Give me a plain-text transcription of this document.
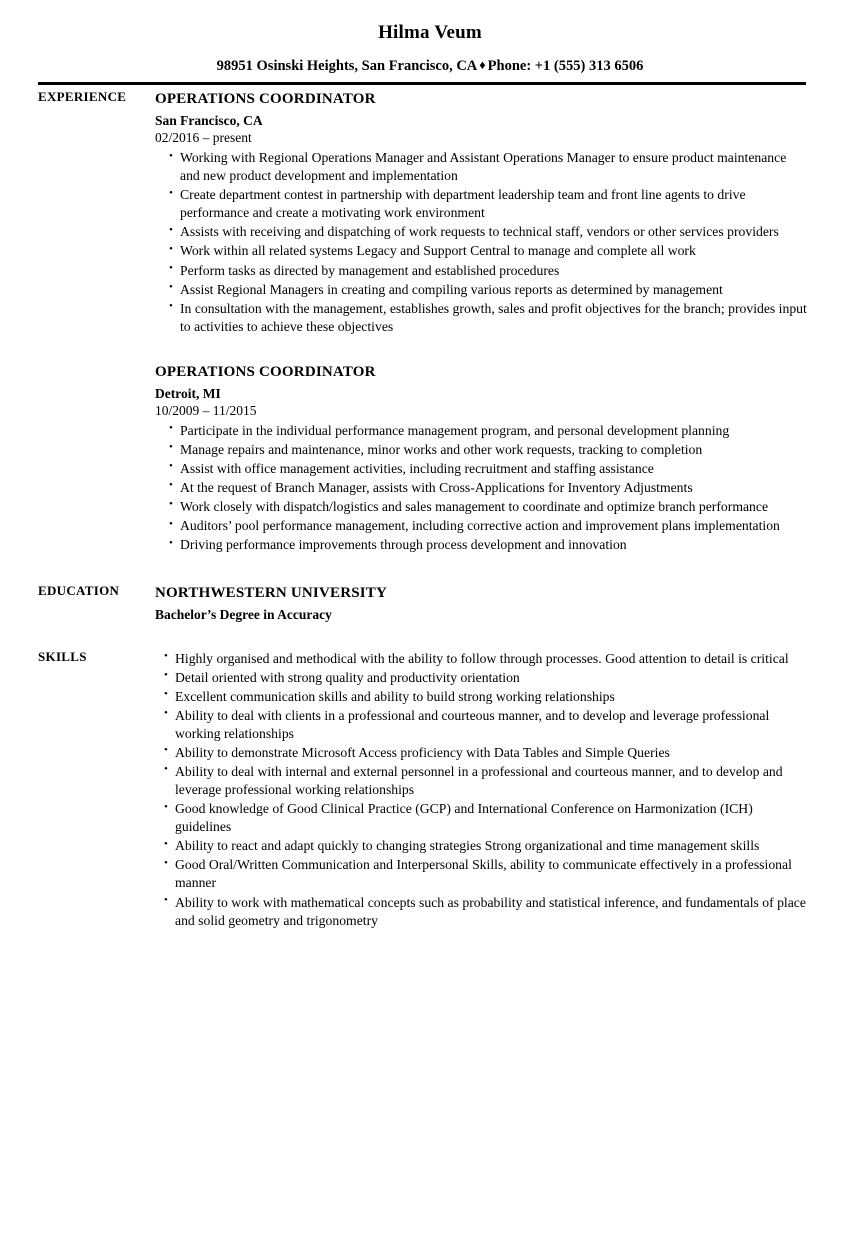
Hilma Veum
98951 Osinski Heights, San Francisco, CA ♦ Phone: +1 (555) 313 6506
EXPERIENCE OPERATIONS COORDINATOR
San Francisco, CA
02/2016 – present
• Working with Regional Operations Manager and Assistant Operations Manager to ensure product maintenance and new product development and implementation
• Create department contest in partnership with department leadership team and front line agents to drive performance and create a motivating work environment
• Assists with receiving and dispatching of work requests to technical staff, vendors or other services providers
• Work within all related systems Legacy and Support Central to manage and complete all work
• Perform tasks as directed by management and established procedures
• Assist Regional Managers in creating and compiling various reports as determined by management
• In consultation with the management, establishes growth, sales and profit objectives for the branch; provides input to activities to achieve these objectives
OPERATIONS COORDINATOR
Detroit, MI
10/2009 – 11/2015
• Participate in the individual performance management program, and personal development planning
• Manage repairs and maintenance, minor works and other work requests, tracking to completion
• Assist with office management activities, including recruitment and staffing assistance
• At the request of Branch Manager, assists with Cross-Applications for Inventory Adjustments
• Work closely with dispatch/logistics and sales management to coordinate and optimize branch performance
• Auditors’ pool performance management, including corrective action and improvement plans implementation
• Driving performance improvements through process development and innovation
EDUCATION NORTHWESTERN UNIVERSITY
Bachelor’s Degree in Accuracy
SKILLS	• Highly organised and methodical with the ability to follow through processes. Good attention to detail is critical
• Detail oriented with strong quality and productivity orientation
• Excellent communication skills and ability to build strong working relationships
• Ability to deal with clients in a professional and courteous manner, and to develop and leverage professional working relationships
• Ability to demonstrate Microsoft Access proficiency with Data Tables and Simple Queries
• Ability to deal with internal and external personnel in a professional and courteous manner, and to develop and leverage professional working relationships
• Good knowledge of Good Clinical Practice (GCP) and International Conference on Harmonization (ICH) guidelines
• Ability to react and adapt quickly to changing strategies Strong organizational and time management skills
• Good Oral/Written Communication and Interpersonal Skills, ability to communicate effectively in a professional manner
• Ability to work with mathematical concepts such as probability and statistical inference, and fundamentals of place and solid geometry and trigonometry
